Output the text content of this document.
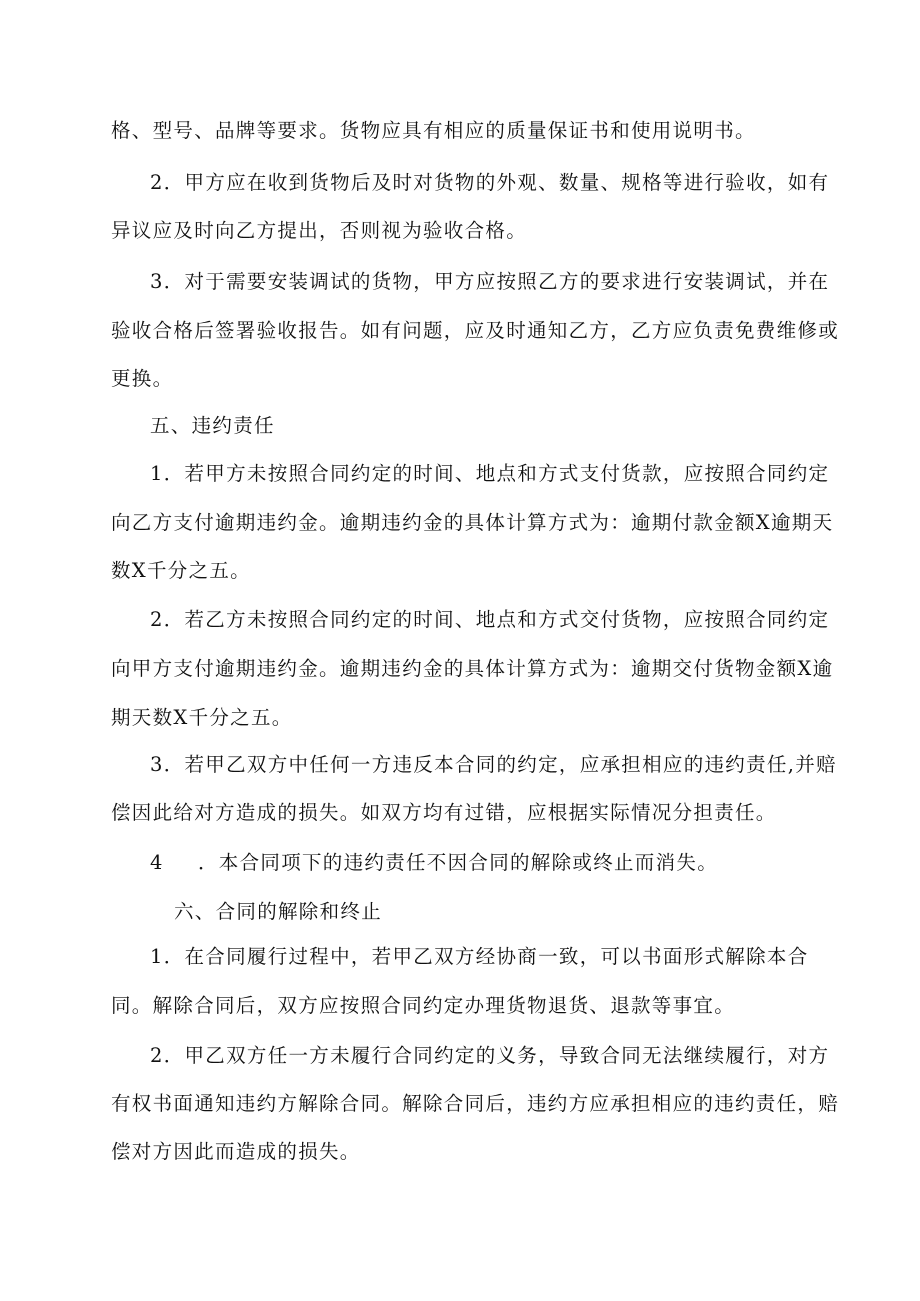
格、型号、品牌等要求。货物应具有相应的质量保证书和使用说明书。
2．甲方应在收到货物后及时对货物的外观、数量、规格等进行验收，如有
异议应及时向乙方提出，否则视为验收合格。
3．对于需要安装调试的货物，甲方应按照乙方的要求进行安装调试，并在
验收合格后签署验收报告。如有问题，应及时通知乙方，乙方应负责免费维修或
更换。
五、违约责任
1．若甲方未按照合同约定的时间、地点和方式支付货款，应按照合同约定
向乙方支付逾期违约金。逾期违约金的具体计算方式为：逾期付款金额X逾期天
数X千分之五。
2．若乙方未按照合同约定的时间、地点和方式交付货物，应按照合同约定
向甲方支付逾期违约金。逾期违约金的具体计算方式为：逾期交付货物金额X逾
期天数X千分之五。
3．若甲乙双方中任何一方违反本合同的约定，应承担相应的违约责任,并赔
偿因此给对方造成的损失。如双方均有过错，应根据实际情况分担责任。
4 ．本合同项下的违约责任不因合同的解除或终止而消失。
六、合同的解除和终止
1．在合同履行过程中，若甲乙双方经协商一致，可以书面形式解除本合
同。解除合同后，双方应按照合同约定办理货物退货、退款等事宜。
2．甲乙双方任一方未履行合同约定的义务，导致合同无法继续履行，对方
有权书面通知违约方解除合同。解除合同后，违约方应承担相应的违约责任，赔
偿对方因此而造成的损失。
